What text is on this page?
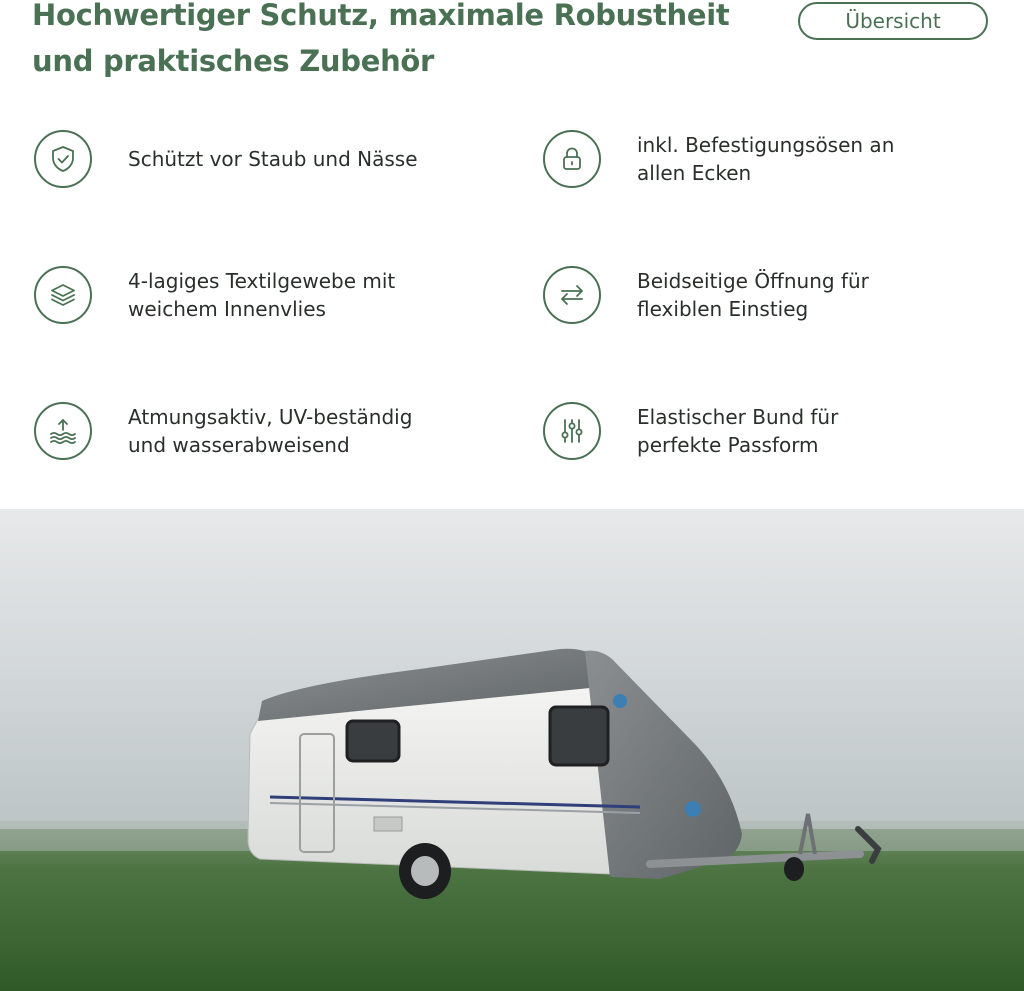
Hochwertiger Schutz, maximale Robustheit
und praktisches Zubehör
Übersicht
Schützt vor Staub und Nässe
inkl. Befestigungsösen an
allen Ecken
4-lagiges Textilgewebe mit
weichem Innenvlies
Beidseitige Öffnung für
flexiblen Einstieg
Atmungsaktiv, UV-beständig
und wasserabweisend
Elastischer Bund für
perfekte Passform
